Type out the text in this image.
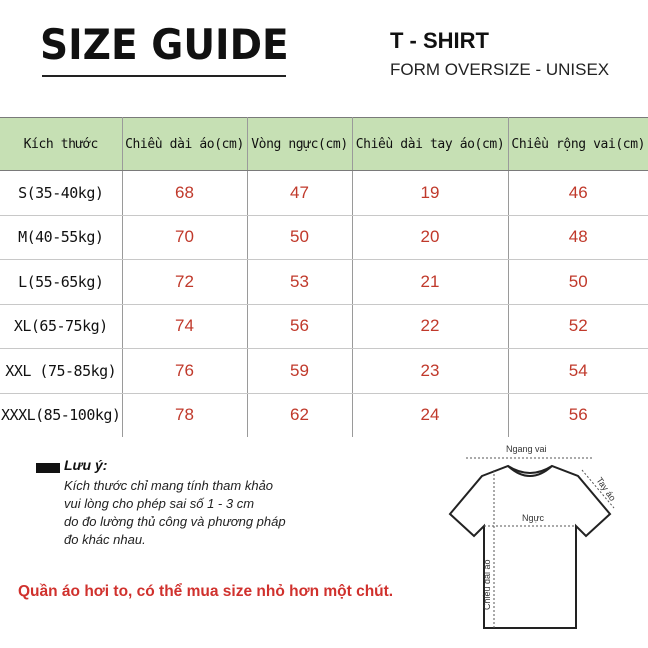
SIZE GUIDE	T - SHIRT
FORM OVERSIZE - UNISEX
Kích thước	Chiều dài áo(cm)	Vòng ngực(cm)	Chiều dài tay áo(cm)	Chiều rộng vai(cm)
S(35-40kg)	68	47	19	46
M(40-55kg)	70	50	20	48
L(55-65kg)	72	53	21	50
XL(65-75kg)	74	56	22	52
XXL (75-85kg)	76	59	23	54
XXXL(85-100kg)	78	62	24	56
Lưu ý:
Kích thước chỉ mang tính tham khảo
vui lòng cho phép sai số 1 - 3 cm
do đo lường thủ công và phương pháp
đo khác nhau.
Quần áo hơi to, có thể mua size nhỏ hơn một chút.
Ngang vai
Tay áo
Ngực
Chiều dài áo
